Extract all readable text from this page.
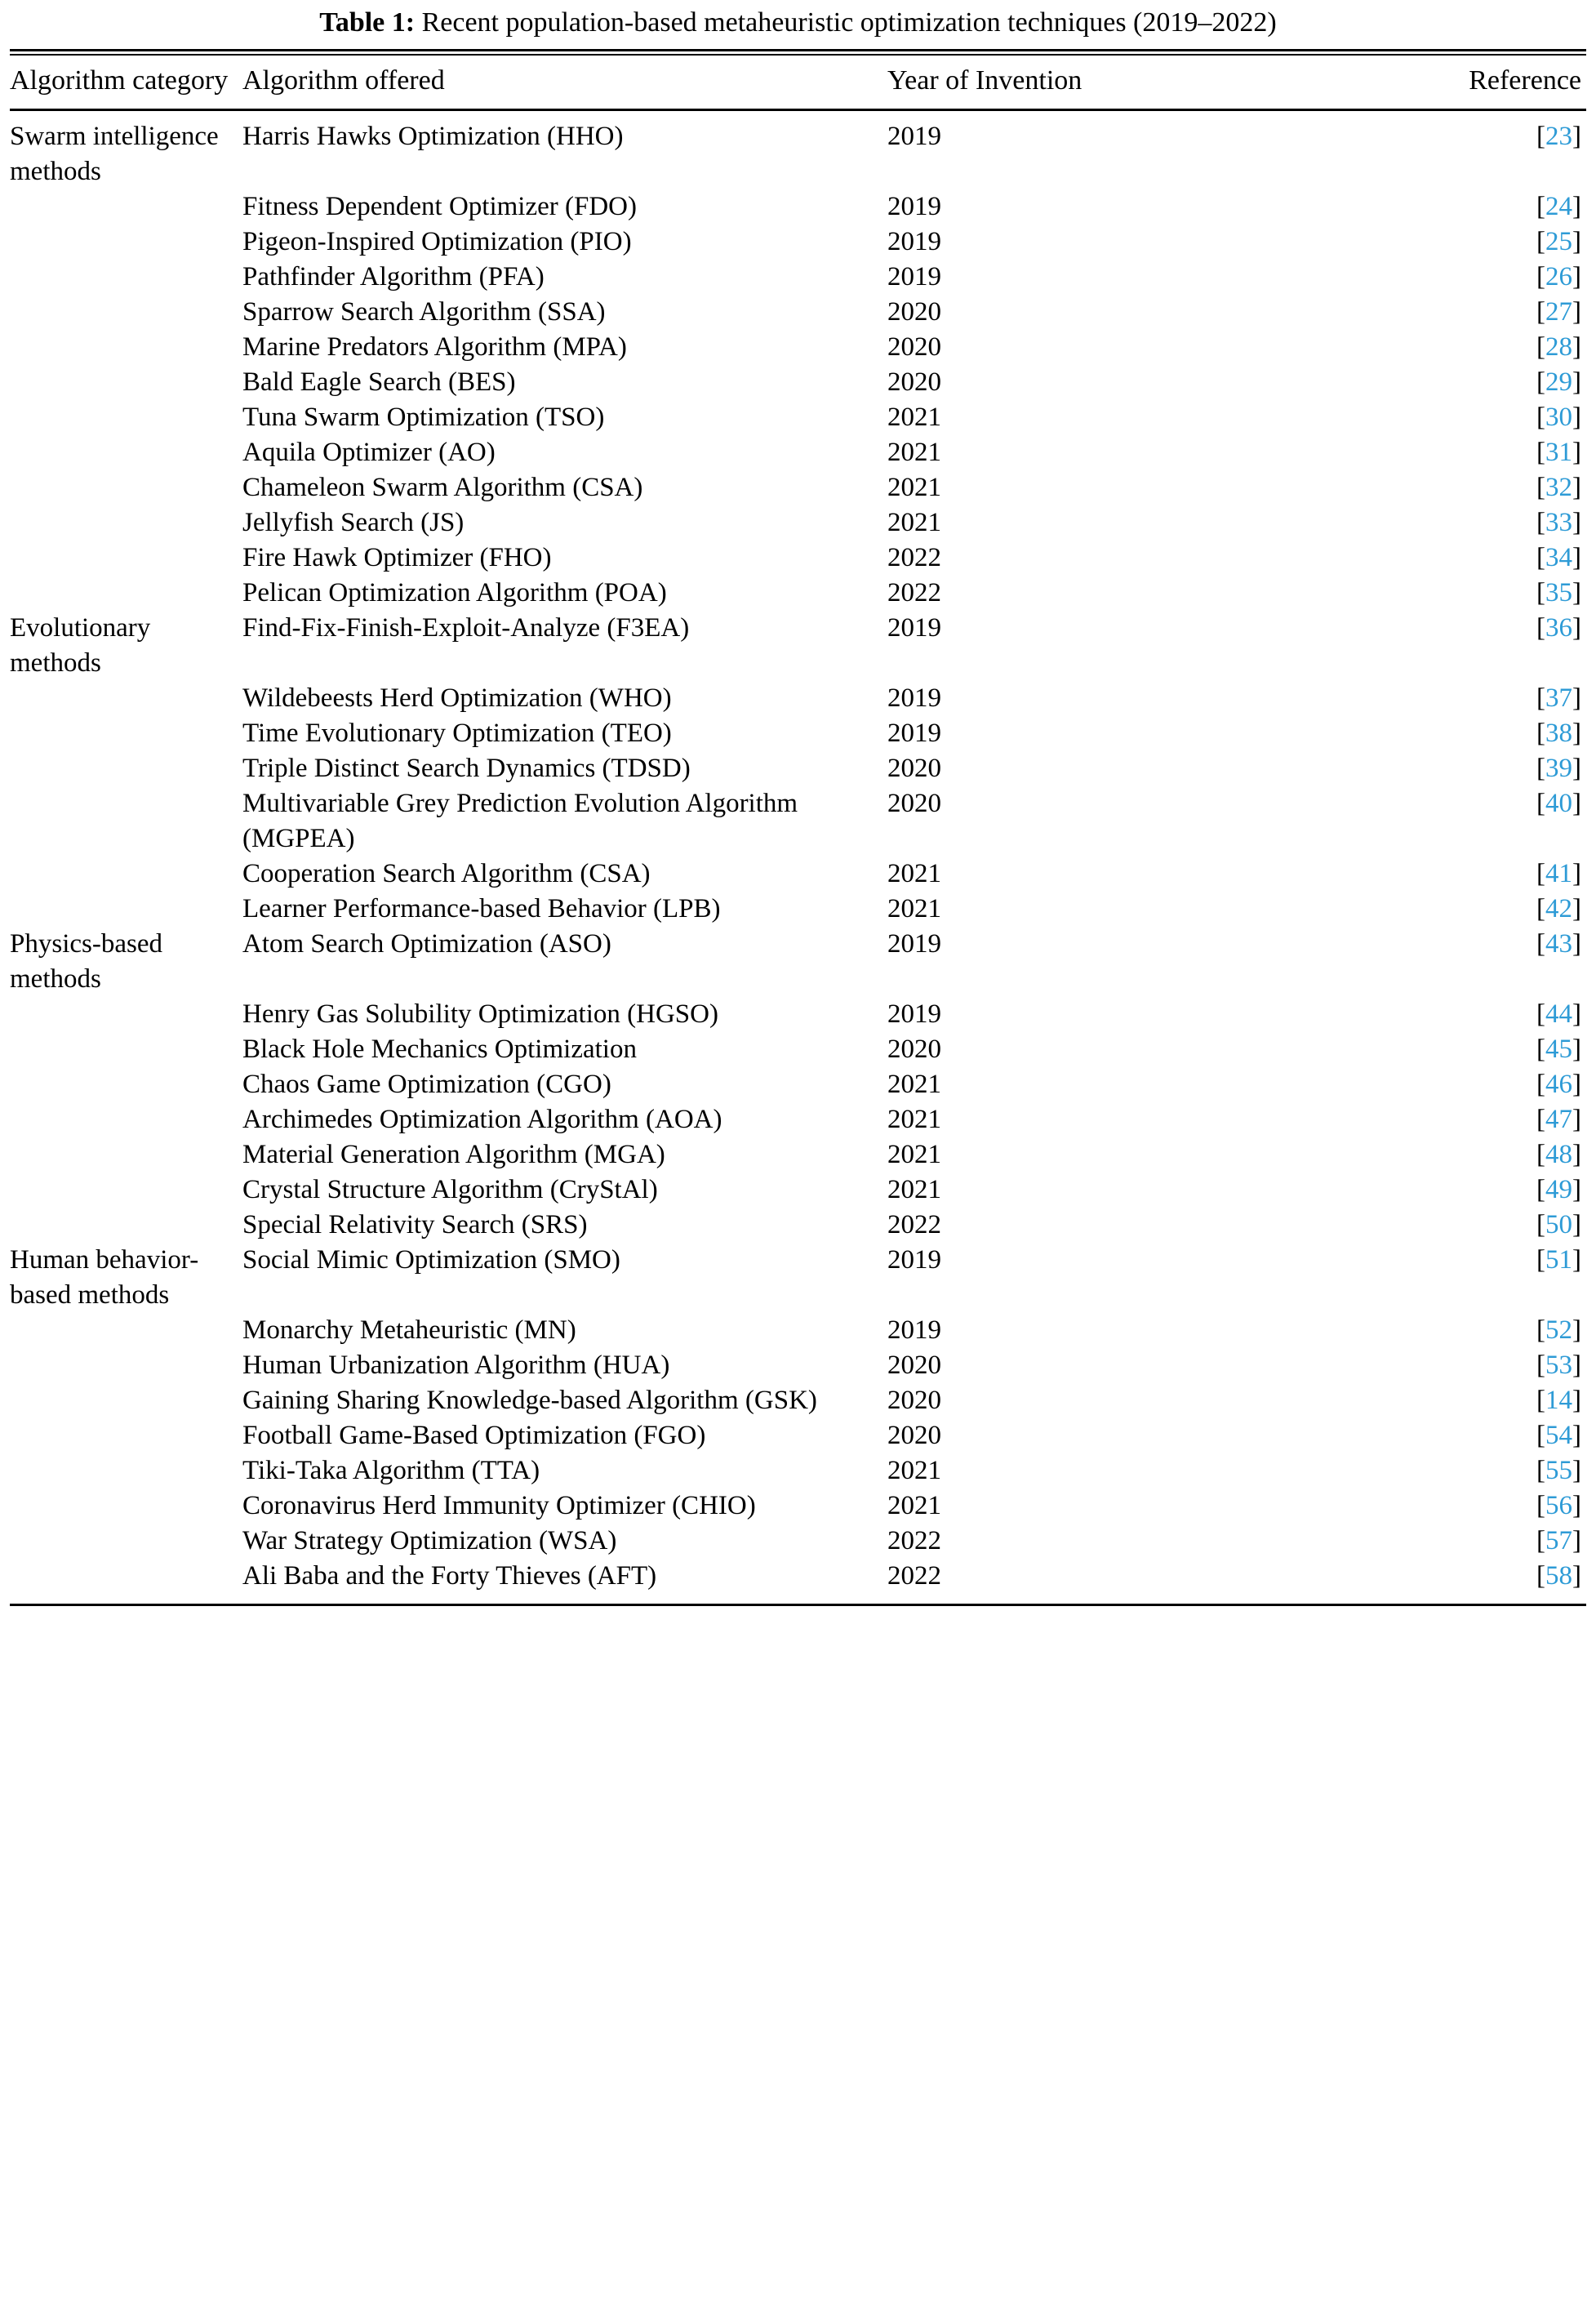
Table 1: Recent population-based metaheuristic optimization techniques (2019–2022)
Algorithm category	Algorithm offered	Year of Invention	Reference
Swarm intelligence methods	Harris Hawks Optimization (HHO)	2019	[23]
	Fitness Dependent Optimizer (FDO)	2019	[24]
	Pigeon-Inspired Optimization (PIO)	2019	[25]
	Pathfinder Algorithm (PFA)	2019	[26]
	Sparrow Search Algorithm (SSA)	2020	[27]
	Marine Predators Algorithm (MPA)	2020	[28]
	Bald Eagle Search (BES)	2020	[29]
	Tuna Swarm Optimization (TSO)	2021	[30]
	Aquila Optimizer (AO)	2021	[31]
	Chameleon Swarm Algorithm (CSA)	2021	[32]
	Jellyfish Search (JS)	2021	[33]
	Fire Hawk Optimizer (FHO)	2022	[34]
	Pelican Optimization Algorithm (POA)	2022	[35]
Evolutionary methods	Find-Fix-Finish-Exploit-Analyze (F3EA)	2019	[36]
	Wildebeests Herd Optimization (WHO)	2019	[37]
	Time Evolutionary Optimization (TEO)	2019	[38]
	Triple Distinct Search Dynamics (TDSD)	2020	[39]
	Multivariable Grey Prediction Evolution Algorithm (MGPEA)	2020	[40]
	Cooperation Search Algorithm (CSA)	2021	[41]
	Learner Performance-based Behavior (LPB)	2021	[42]
Physics-based methods	Atom Search Optimization (ASO)	2019	[43]
	Henry Gas Solubility Optimization (HGSO)	2019	[44]
	Black Hole Mechanics Optimization	2020	[45]
	Chaos Game Optimization (CGO)	2021	[46]
	Archimedes Optimization Algorithm (AOA)	2021	[47]
	Material Generation Algorithm (MGA)	2021	[48]
	Crystal Structure Algorithm (CryStAl)	2021	[49]
	Special Relativity Search (SRS)	2022	[50]
Human behavior-based methods	Social Mimic Optimization (SMO)	2019	[51]
	Monarchy Metaheuristic (MN)	2019	[52]
	Human Urbanization Algorithm (HUA)	2020	[53]
	Gaining Sharing Knowledge-based Algorithm (GSK)	2020	[14]
	Football Game-Based Optimization (FGO)	2020	[54]
	Tiki-Taka Algorithm (TTA)	2021	[55]
	Coronavirus Herd Immunity Optimizer (CHIO)	2021	[56]
	War Strategy Optimization (WSA)	2022	[57]
	Ali Baba and the Forty Thieves (AFT)	2022	[58]
